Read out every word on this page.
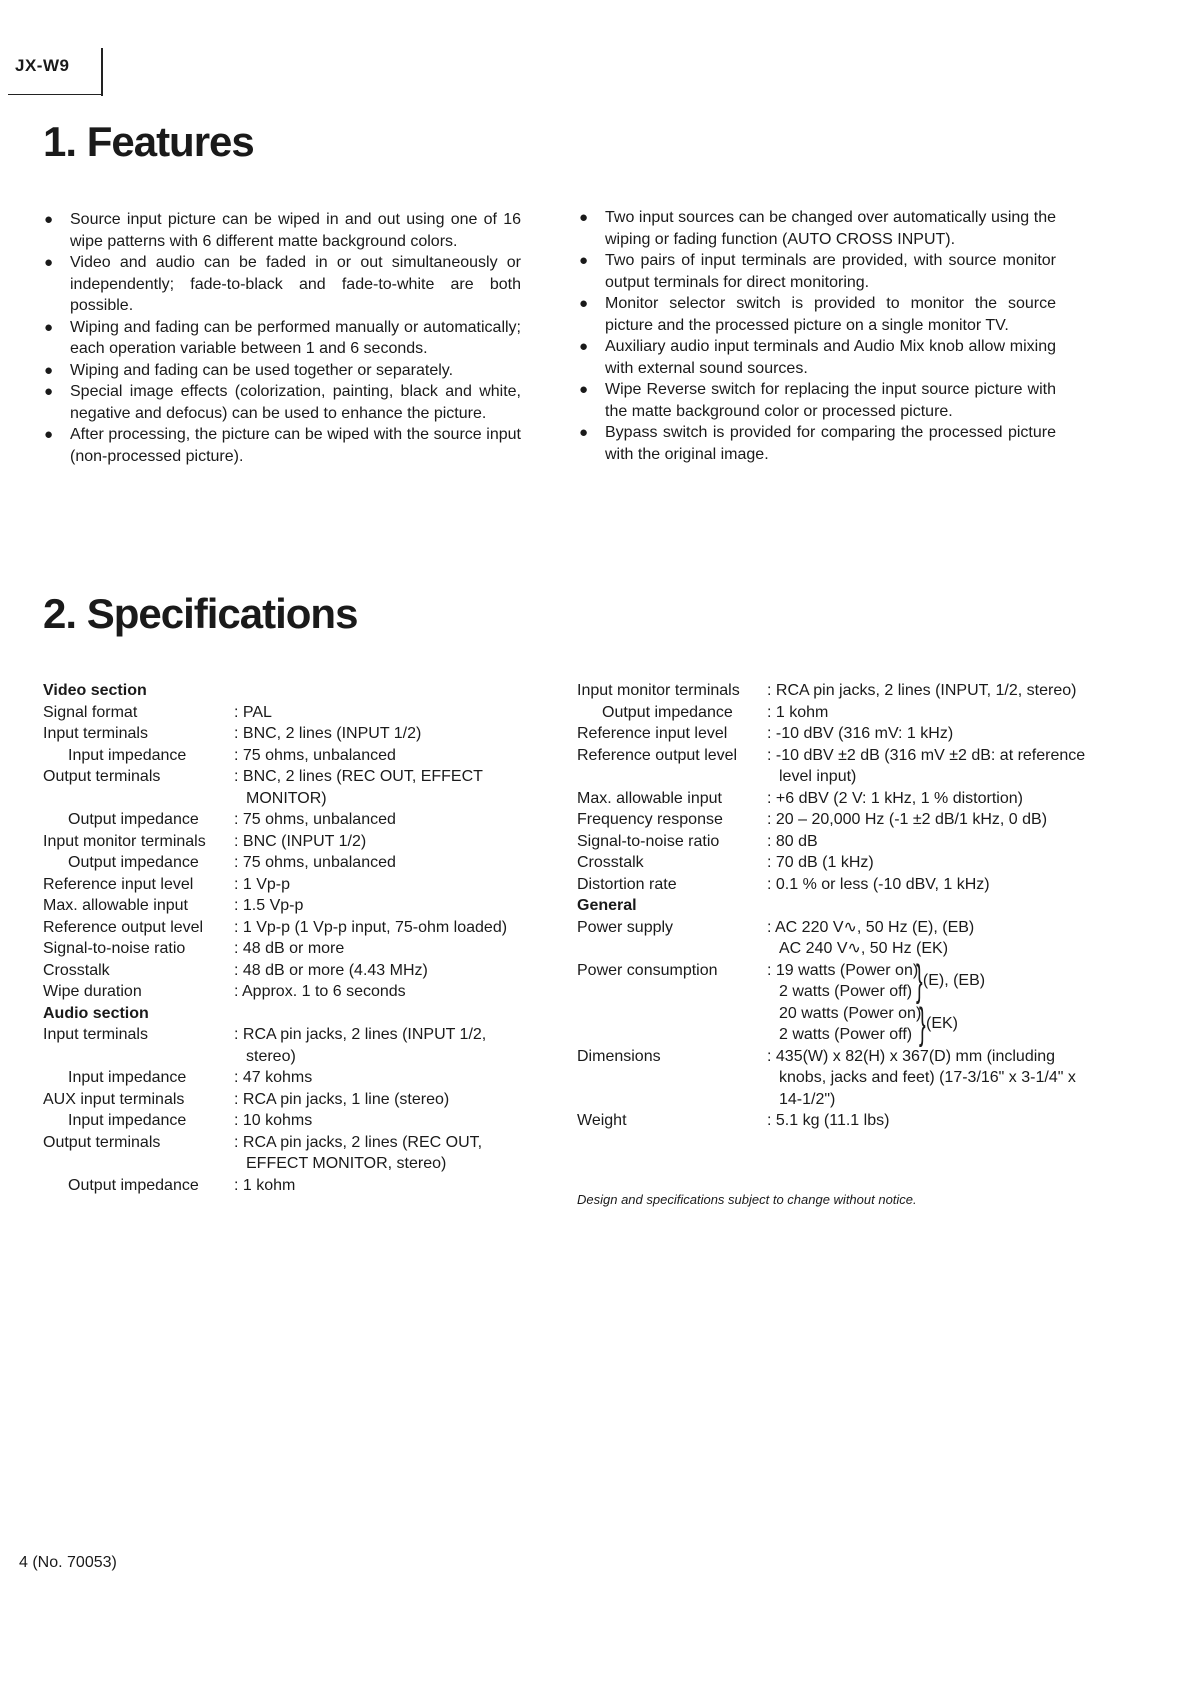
JX-W9
1. Features
● Source input picture can be wiped in and out using one of 16 wipe patterns with 6 different matte background colors.
● Video and audio can be faded in or out simultaneously or independently; fade-to-black and fade-to-white are both possible.
● Wiping and fading can be performed manually or automatically; each operation variable between 1 and 6 seconds.
● Wiping and fading can be used together or separately.
● Special image effects (colorization, painting, black and white, negative and defocus) can be used to enhance the picture.
● After processing, the picture can be wiped with the source input (non-processed picture).
● Two input sources can be changed over automatically using the wiping or fading function (AUTO CROSS INPUT).
● Two pairs of input terminals are provided, with source monitor output terminals for direct monitoring.
● Monitor selector switch is provided to monitor the source picture and the processed picture on a single monitor TV.
● Auxiliary audio input terminals and Audio Mix knob allow mixing with external sound sources.
● Wipe Reverse switch for replacing the input source picture with the matte background color or processed picture.
● Bypass switch is provided for comparing the processed picture with the original image.
2. Specifications
Video section
Signal format	: PAL
Input terminals	: BNC, 2 lines (INPUT 1/2)
Input impedance	: 75 ohms, unbalanced
Output terminals	: BNC, 2 lines (REC OUT, EFFECT MONITOR)
Output impedance	: 75 ohms, unbalanced
Input monitor terminals	: BNC (INPUT 1/2)
Output impedance	: 75 ohms, unbalanced
Reference input level	: 1 Vp-p
Max. allowable input	: 1.5 Vp-p
Reference output level	: 1 Vp-p (1 Vp-p input, 75-ohm loaded)
Signal-to-noise ratio	: 48 dB or more
Crosstalk	: 48 dB or more (4.43 MHz)
Wipe duration	: Approx. 1 to 6 seconds
Audio section
Input terminals	: RCA pin jacks, 2 lines (INPUT 1/2, stereo)
Input impedance	: 47 kohms
AUX input terminals	: RCA pin jacks, 1 line (stereo)
Input impedance	: 10 kohms
Output terminals	: RCA pin jacks, 2 lines (REC OUT, EFFECT MONITOR, stereo)
Output impedance	: 1 kohm
Input monitor terminals	: RCA pin jacks, 2 lines (INPUT, 1/2, stereo)
Output impedance	: 1 kohm
Reference input level	: -10 dBV (316 mV: 1 kHz)
Reference output level	: -10 dBV ±2 dB (316 mV ±2 dB: at reference level input)
Max. allowable input	: +6 dBV (2 V: 1 kHz, 1 % distortion)
Frequency response	: 20 – 20,000 Hz (-1 ±2 dB/1 kHz, 0 dB)
Signal-to-noise ratio	: 80 dB
Crosstalk	: 70 dB (1 kHz)
Distortion rate	: 0.1 % or less (-10 dBV, 1 kHz)
General
Power supply	: AC 220 V∿, 50 Hz (E), (EB)
AC 240 V∿, 50 Hz (EK)
Power consumption	: 19 watts (Power on)
2 watts (Power off) } (E), (EB)
20 watts (Power on)
2 watts (Power off) } (EK)
Dimensions	: 435(W) x 82(H) x 367(D) mm (including knobs, jacks and feet) (17-3/16" x 3-1/4" x 14-1/2")
Weight	: 5.1 kg (11.1 lbs)
Design and specifications subject to change without notice.
4 (No. 70053)
